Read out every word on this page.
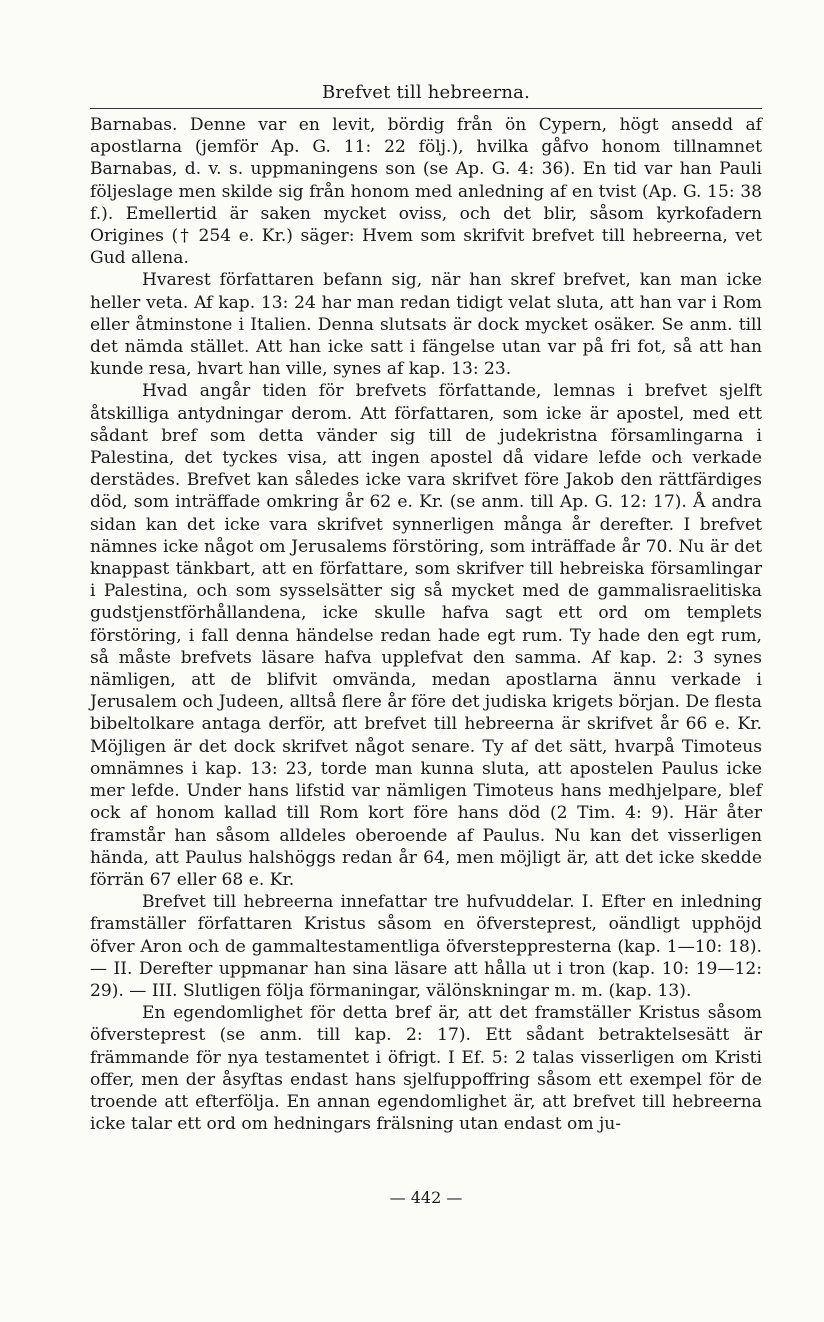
Brefvet till hebreerna.

Barnabas. Denne var en levit, bördig från ön Cypern, högt ansedd af apostlarna (jemför Ap. G. 11: 22 följ.), hvilka gåfvo honom tillnamnet Barnabas, d. v. s. uppmaningens son (se Ap. G. 4: 36). En tid var han Pauli följeslage men skilde sig från honom med anledning af en tvist (Ap. G. 15: 38 f.). Emellertid är saken mycket oviss, och det blir, såsom kyrkofadern Origines († 254 e. Kr.) säger: Hvem som skrifvit brefvet till hebreerna, vet Gud allena.

Hvarest författaren befann sig, när han skref brefvet, kan man icke heller veta. Af kap. 13: 24 har man redan tidigt velat sluta, att han var i Rom eller åtminstone i Italien. Denna slutsats är dock mycket osäker. Se anm. till det nämda stället. Att han icke satt i fängelse utan var på fri fot, så att han kunde resa, hvart han ville, synes af kap. 13: 23.

Hvad angår tiden för brefvets författande, lemnas i brefvet sjelft åtskilliga antydningar derom. Att författaren, som icke är apostel, med ett sådant bref som detta vänder sig till de judekristna församlingarna i Palestina, det tyckes visa, att ingen apostel då vidare lefde och verkade derstädes. Brefvet kan således icke vara skrifvet före Jakob den rättfärdiges död, som inträffade omkring år 62 e. Kr. (se anm. till Ap. G. 12: 17). Å andra sidan kan det icke vara skrifvet synnerligen många år derefter. I brefvet nämnes icke något om Jerusalems förstöring, som inträffade år 70. Nu är det knappast tänkbart, att en författare, som skrifver till hebreiska församlingar i Palestina, och som sysselsätter sig så mycket med de gammalisraelitiska gudstjenstförhållandena, icke skulle hafva sagt ett ord om templets förstöring, i fall denna händelse redan hade egt rum. Ty hade den egt rum, så måste brefvets läsare hafva upplefvat den samma. Af kap. 2: 3 synes nämligen, att de blifvit omvända, medan apostlarna ännu verkade i Jerusalem och Judeen, alltså flere år före det judiska krigets början. De flesta bibeltolkare antaga derför, att brefvet till hebreerna är skrifvet år 66 e. Kr. Möjligen är det dock skrifvet något senare. Ty af det sätt, hvarpå Timoteus omnämnes i kap. 13: 23, torde man kunna sluta, att apostelen Paulus icke mer lefde. Under hans lifstid var nämligen Timoteus hans medhjelpare, blef ock af honom kallad till Rom kort före hans död (2 Tim. 4: 9). Här åter framstår han såsom alldeles oberoende af Paulus. Nu kan det visserligen hända, att Paulus halshöggs redan år 64, men möjligt är, att det icke skedde förrän 67 eller 68 e. Kr.

Brefvet till hebreerna innefattar tre hufvuddelar. I. Efter en inledning framställer författaren Kristus såsom en öfversteprest, oändligt upphöjd öfver Aron och de gammaltestamentliga öfversteppresterna (kap. 1—10: 18). — II. Derefter uppmanar han sina läsare att hålla ut i tron (kap. 10: 19—12: 29). — III. Slutligen följa förmaningar, välönskningar m. m. (kap. 13).

En egendomlighet för detta bref är, att det framställer Kristus såsom öfversteprest (se anm. till kap. 2: 17). Ett sådant betraktelsesätt är främmande för nya testamentet i öfrigt. I Ef. 5: 2 talas visserligen om Kristi offer, men der åsyftas endast hans sjelfuppoffring såsom ett exempel för de troende att efterfölja. En annan egendomlighet är, att brefvet till hebreerna icke talar ett ord om hedningars frälsning utan endast om ju-

— 442 —
